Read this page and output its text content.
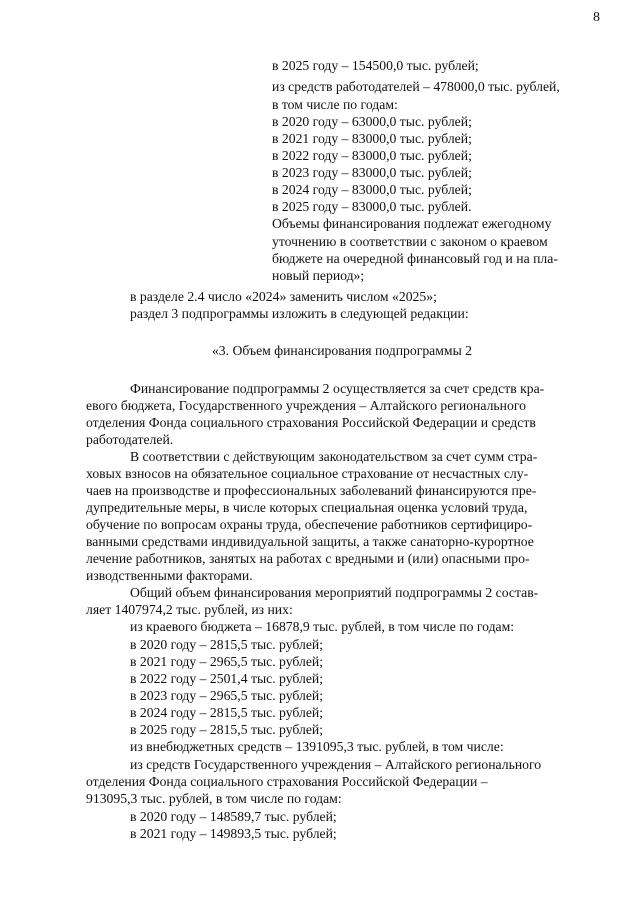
8
в 2025 году – 154500,0 тыс. рублей;
из средств работодателей – 478000,0 тыс. рублей,
в том числе по годам:
в 2020 году – 63000,0 тыс. рублей;
в 2021 году – 83000,0 тыс. рублей;
в 2022 году – 83000,0 тыс. рублей;
в 2023 году – 83000,0 тыс. рублей;
в 2024 году – 83000,0 тыс. рублей;
в 2025 году – 83000,0 тыс. рублей.
Объемы финансирования подлежат ежегодному
уточнению в соответствии с законом о краевом
бюджете на очередной финансовый год и на пла-
новый период»;
в разделе 2.4 число «2024» заменить числом «2025»;
раздел 3 подпрограммы изложить в следующей редакции:
«3. Объем финансирования подпрограммы 2
Финансирование подпрограммы 2 осуществляется за счет средств кра-
евого бюджета, Государственного учреждения – Алтайского регионального
отделения Фонда социального страхования Российской Федерации и средств
работодателей.
В соответствии с действующим законодательством за счет сумм стра-
ховых взносов на обязательное социальное страхование от несчастных слу-
чаев на производстве и профессиональных заболеваний финансируются пре-
дупредительные меры, в числе которых специальная оценка условий труда,
обучение по вопросам охраны труда, обеспечение работников сертифициро-
ванными средствами индивидуальной защиты, а также санаторно-курортное
лечение работников, занятых на работах с вредными и (или) опасными про-
изводственными факторами.
Общий объем финансирования мероприятий подпрограммы 2 состав-
ляет 1407974,2 тыс. рублей, из них:
из краевого бюджета – 16878,9 тыс. рублей, в том числе по годам:
в 2020 году – 2815,5 тыс. рублей;
в 2021 году – 2965,5 тыс. рублей;
в 2022 году – 2501,4 тыс. рублей;
в 2023 году – 2965,5 тыс. рублей;
в 2024 году – 2815,5 тыс. рублей;
в 2025 году – 2815,5 тыс. рублей;
из внебюджетных средств – 1391095,3 тыс. рублей, в том числе:
из средств Государственного учреждения – Алтайского регионального
отделения Фонда социального страхования Российской Федерации –
913095,3 тыс. рублей, в том числе по годам:
в 2020 году – 148589,7 тыс. рублей;
в 2021 году – 149893,5 тыс. рублей;
